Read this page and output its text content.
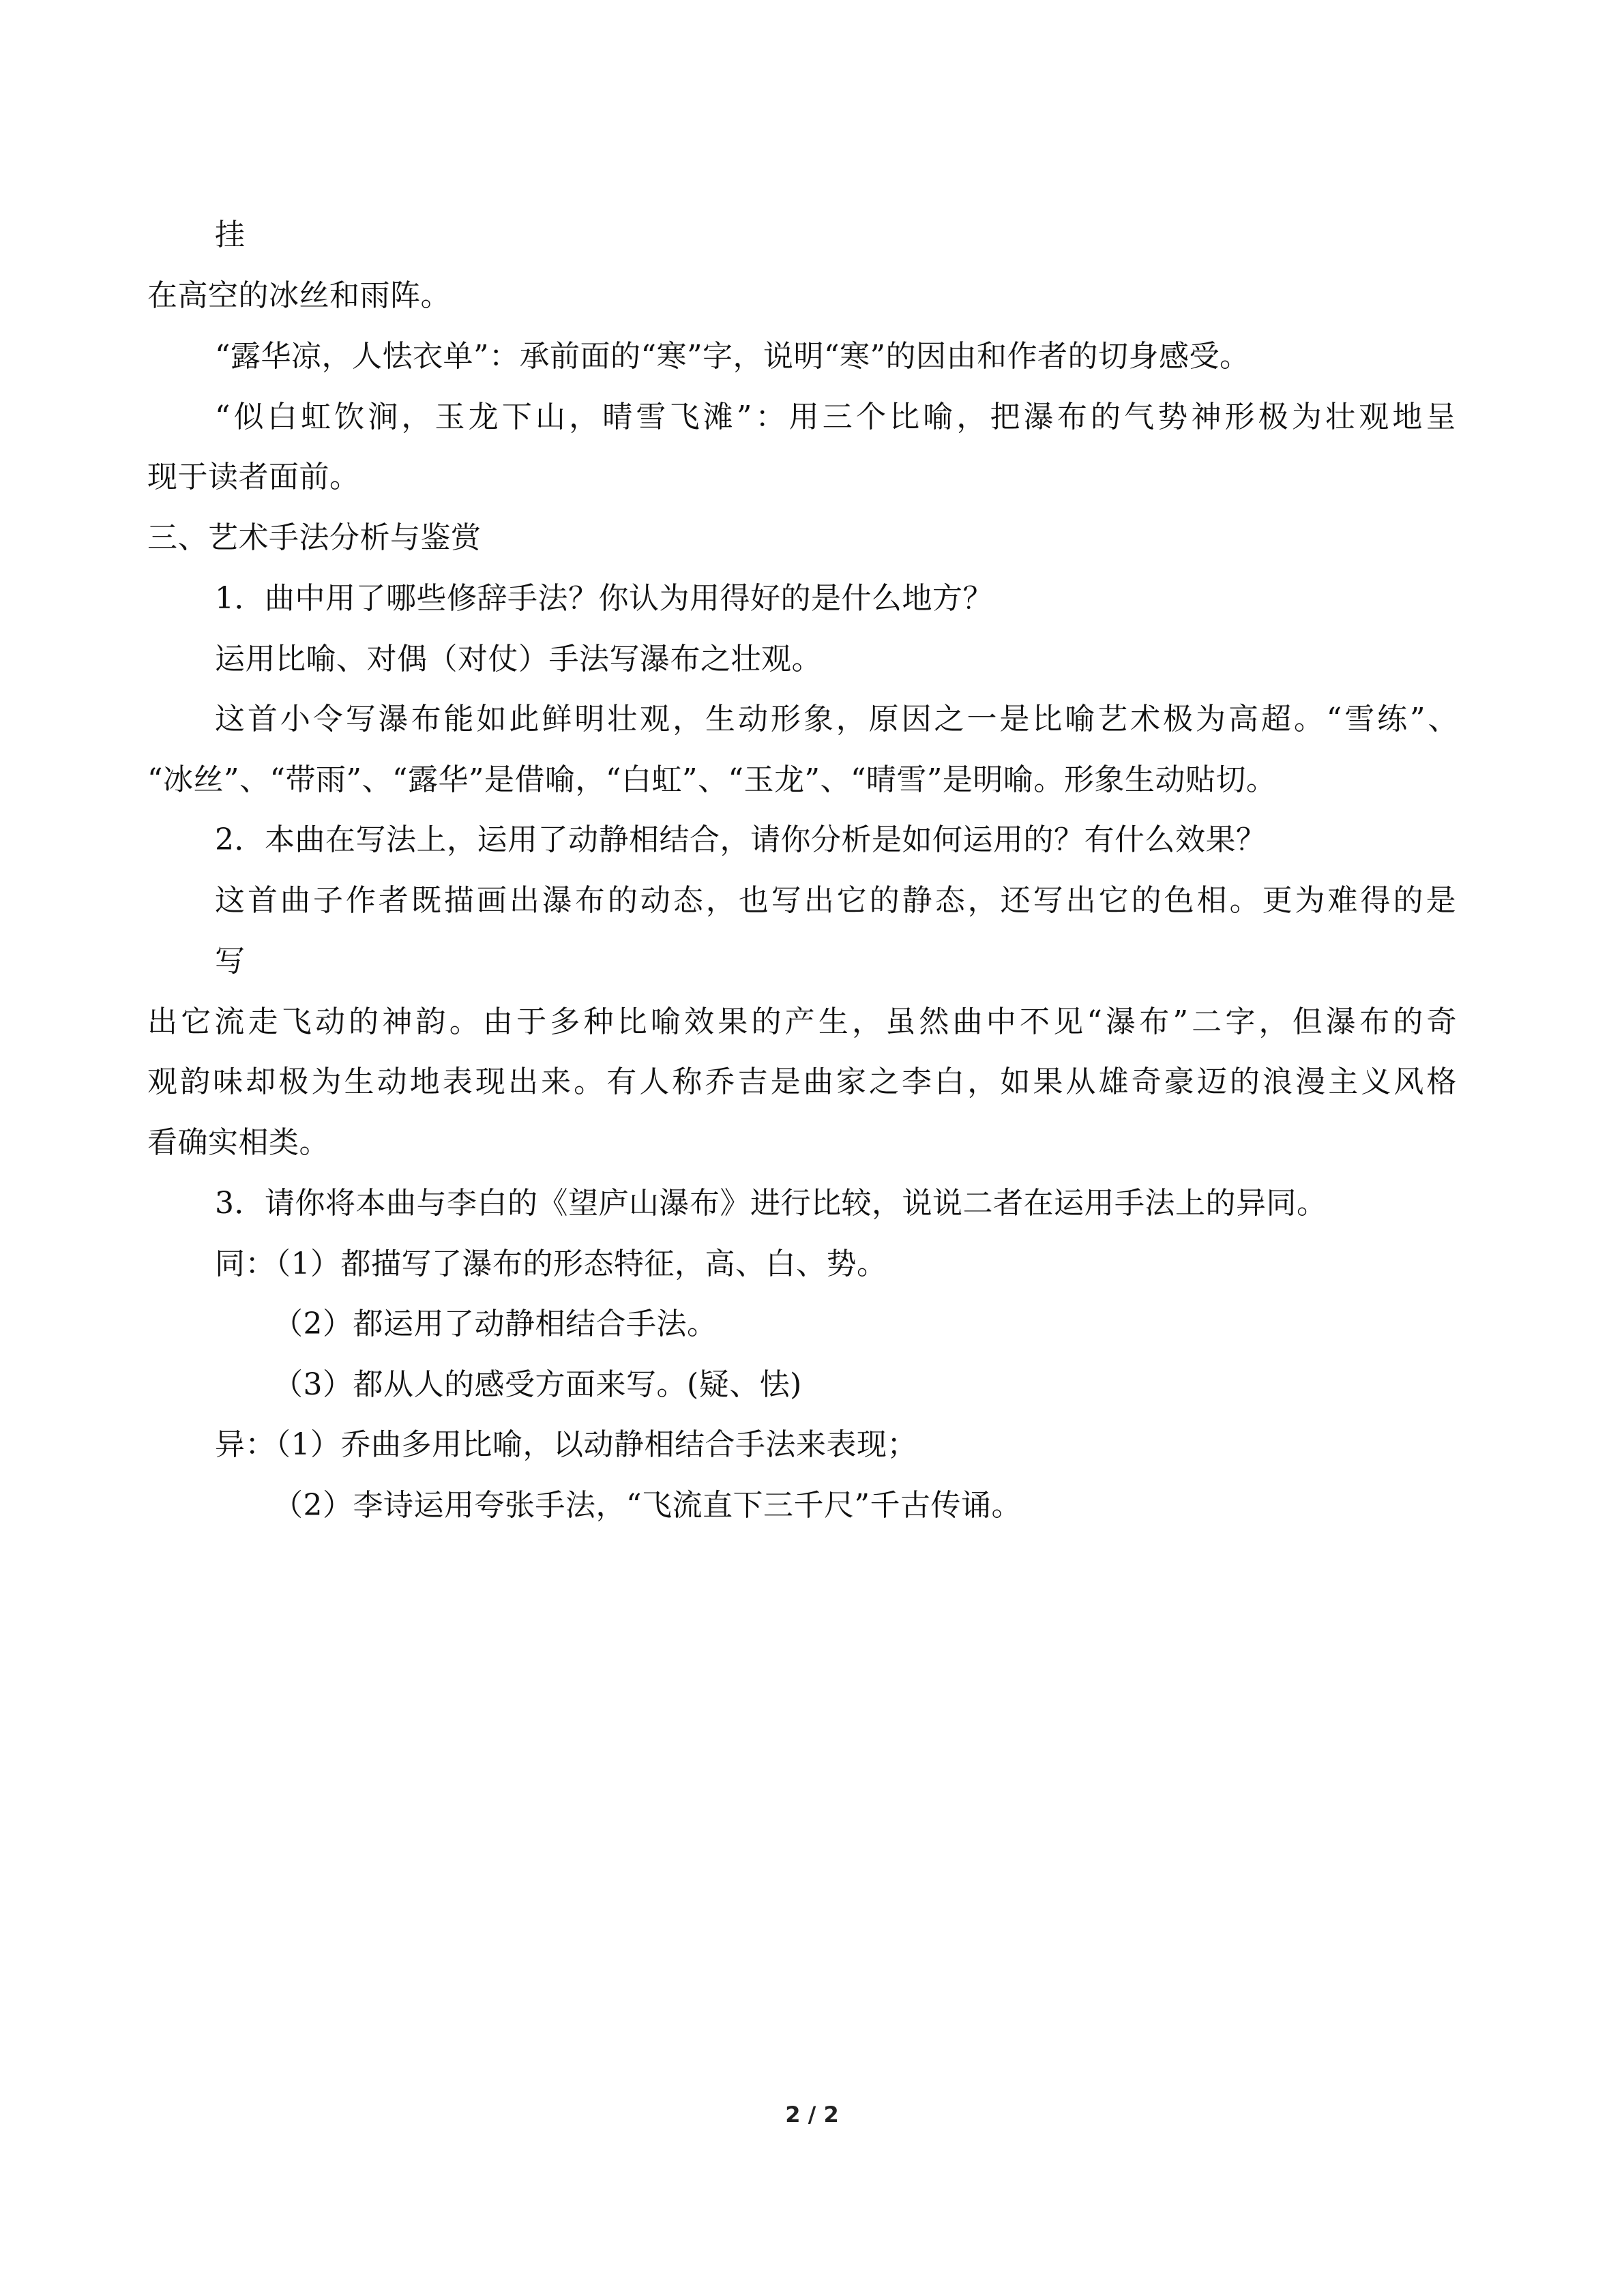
挂
在高空的冰丝和雨阵。
“露华凉，人怯衣单”：承前面的“寒”字，说明“寒”的因由和作者的切身感受。
“似白虹饮涧，玉龙下山，晴雪飞滩”：用三个比喻，把瀑布的气势神形极为壮观地呈
现于读者面前。
三、艺术手法分析与鉴赏
1．曲中用了哪些修辞手法？你认为用得好的是什么地方？
运用比喻、对偶（对仗）手法写瀑布之壮观。
这首小令写瀑布能如此鲜明壮观，生动形象，原因之一是比喻艺术极为高超。“雪练”、
“冰丝”、“带雨”、“露华”是借喻，“白虹”、“玉龙”、“晴雪”是明喻。形象生动贴切。
2．本曲在写法上，运用了动静相结合，请你分析是如何运用的？有什么效果？
这首曲子作者既描画出瀑布的动态，也写出它的静态，还写出它的色相。更为难得的是
写
出它流走飞动的神韵。由于多种比喻效果的产生，虽然曲中不见“瀑布”二字，但瀑布的奇
观韵味却极为生动地表现出来。有人称乔吉是曲家之李白，如果从雄奇豪迈的浪漫主义风格
看确实相类。
3．请你将本曲与李白的《望庐山瀑布》进行比较，说说二者在运用手法上的异同。
同：（1）都描写了瀑布的形态特征，高、白、势。
（2）都运用了动静相结合手法。
（3）都从人的感受方面来写。(疑、怯)
异：（1）乔曲多用比喻，以动静相结合手法来表现；
（2）李诗运用夸张手法，“飞流直下三千尺”千古传诵。
2 / 2
